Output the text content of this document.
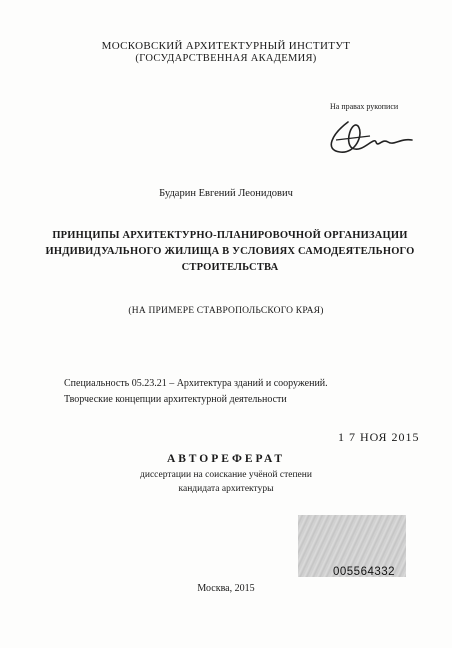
МОСКОВСКИЙ АРХИТЕКТУРНЫЙ ИНСТИТУТ
(ГОСУДАРСТВЕННАЯ АКАДЕМИЯ)
На правах рукописи
Бударин Евгений Леонидович
ПРИНЦИПЫ АРХИТЕКТУРНО-ПЛАНИРОВОЧНОЙ ОРГАНИЗАЦИИ ИНДИВИДУАЛЬНОГО ЖИЛИЩА В УСЛОВИЯХ САМОДЕЯТЕЛЬНОГО СТРОИТЕЛЬСТВА
(НА ПРИМЕРЕ СТАВРОПОЛЬСКОГО КРАЯ)
Специальность 05.23.21 – Архитектура зданий и сооружений.
Творческие концепции архитектурной деятельности
1 7 НОЯ 2015
АВТОРЕФЕРАТ
диссертации на соискание учёной степени
кандидата архитектуры
005564332
Москва, 2015
